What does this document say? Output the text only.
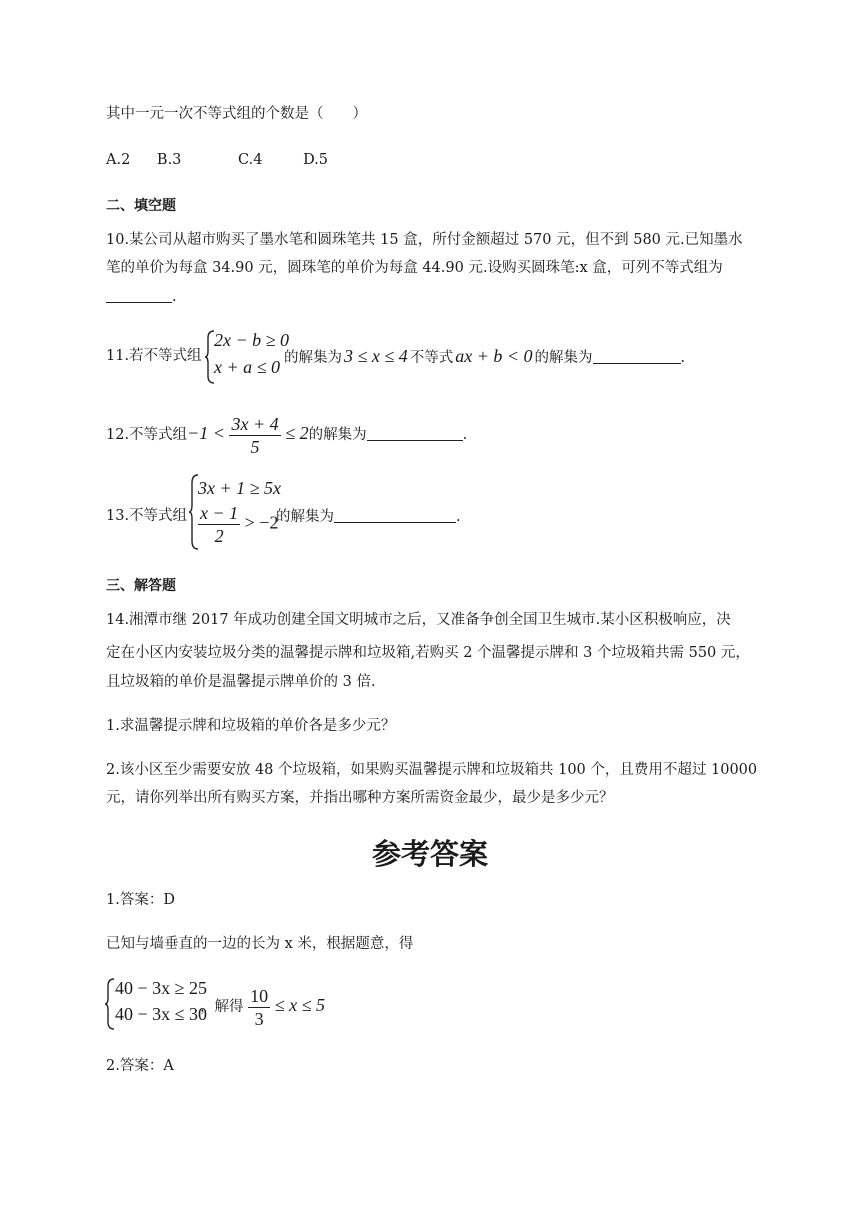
其中一元一次不等式组的个数是（　　）
A.2 B.3	C.4	D.5
二、填空题
10.某公司从超市购买了墨水笔和圆珠笔共 15 盒，所付金额超过 570 元，但不到 580 元.已知墨水
笔的单价为每盒 34.90 元，圆珠笔的单价为每盒 44.90 元.设购买圆珠笔:x 盒，可列不等式组为
.
11.若不等式组
2x − b ≥ 0
x + a ≤ 0 的解集为 3 ≤ x ≤ 4 不等式 ax + b < 0 的解集为	.
12.不等式组$-1 < \frac{3x + 4}{5} \le 2$的解集为	.
13.不等式组
3x + 1 ≥ 5x
$\frac{x - 1}{2} > -2$
的解集为	.
三、解答题
14.湘潭市继 2017 年成功创建全国文明城市之后，又准备争创全国卫生城市.某小区积极响应，决
定在小区内安装垃圾分类的温馨提示牌和垃圾箱,若购买 2 个温馨提示牌和 3 个垃圾箱共需 550 元，
且垃圾箱的单价是温馨提示牌单价的 3 倍.
1.求温馨提示牌和垃圾箱的单价各是多少元？
2.该小区至少需要安放 48 个垃圾箱，如果购买温馨提示牌和垃圾箱共 100 个，且费用不超过 10000
元，请你列举出所有购买方案，并指出哪种方案所需资金最少，最少是多少元？
参考答案
1.答案：D
已知与墙垂直的一边的长为 x 米，根据题意，得
40 − 3x ≥ 25
40 − 3x ≤ 30
，解得 $\frac{10}{3} \le x \le 5$
2.答案：A
